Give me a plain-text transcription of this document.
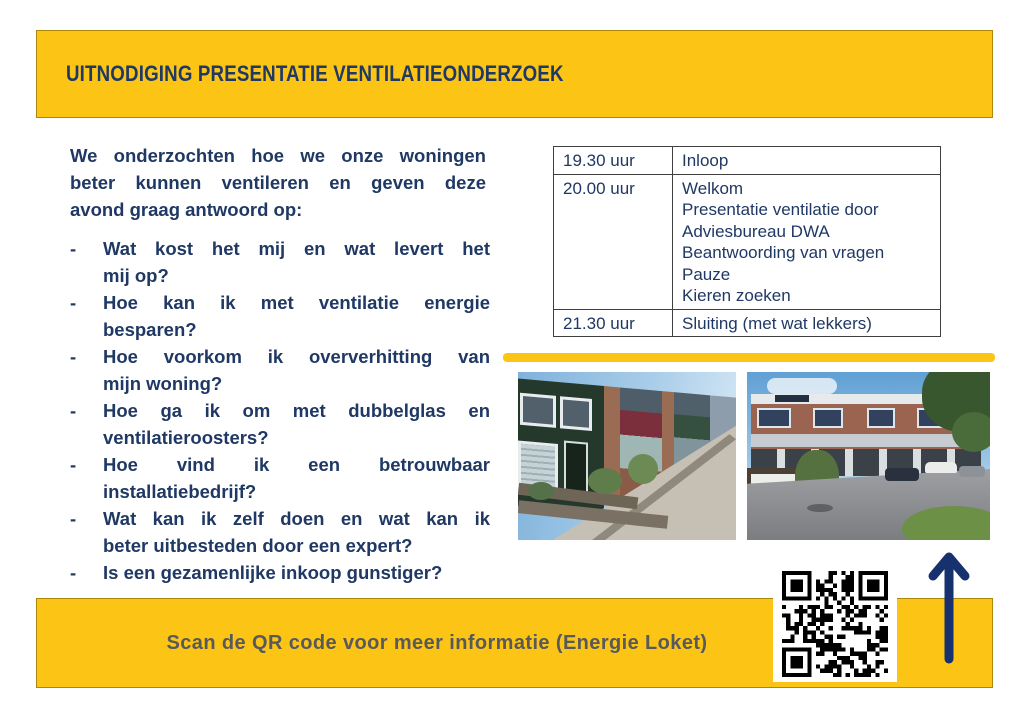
UITNODIGING PRESENTATIE VENTILATIEONDERZOEK
We onderzochten hoe we onze woningen
beter kunnen ventileren en geven deze
avond graag antwoord op:
-	Wat kost het mij en wat levert het
mij op?
-	Hoe kan ik met ventilatie energie
besparen?
-	Hoe voorkom ik oververhitting van
mijn woning?
-	Hoe ga ik om met dubbelglas en
ventilatieroosters?
-	Hoe vind ik een betrouwbaar
installatiebedrijf?
-	Wat kan ik zelf doen en wat kan ik
beter uitbesteden door een expert?
-	Is een gezamenlijke inkoop gunstiger?
19.30 uur	Inloop

20.00 uur	Welkom
Presentatie ventilatie door
Adviesbureau DWA
Beantwoording van vragen
Pauze
Kieren zoeken

21.30 uur	Sluiting (met wat lekkers)
Scan de QR code voor meer informatie (Energie Loket)
